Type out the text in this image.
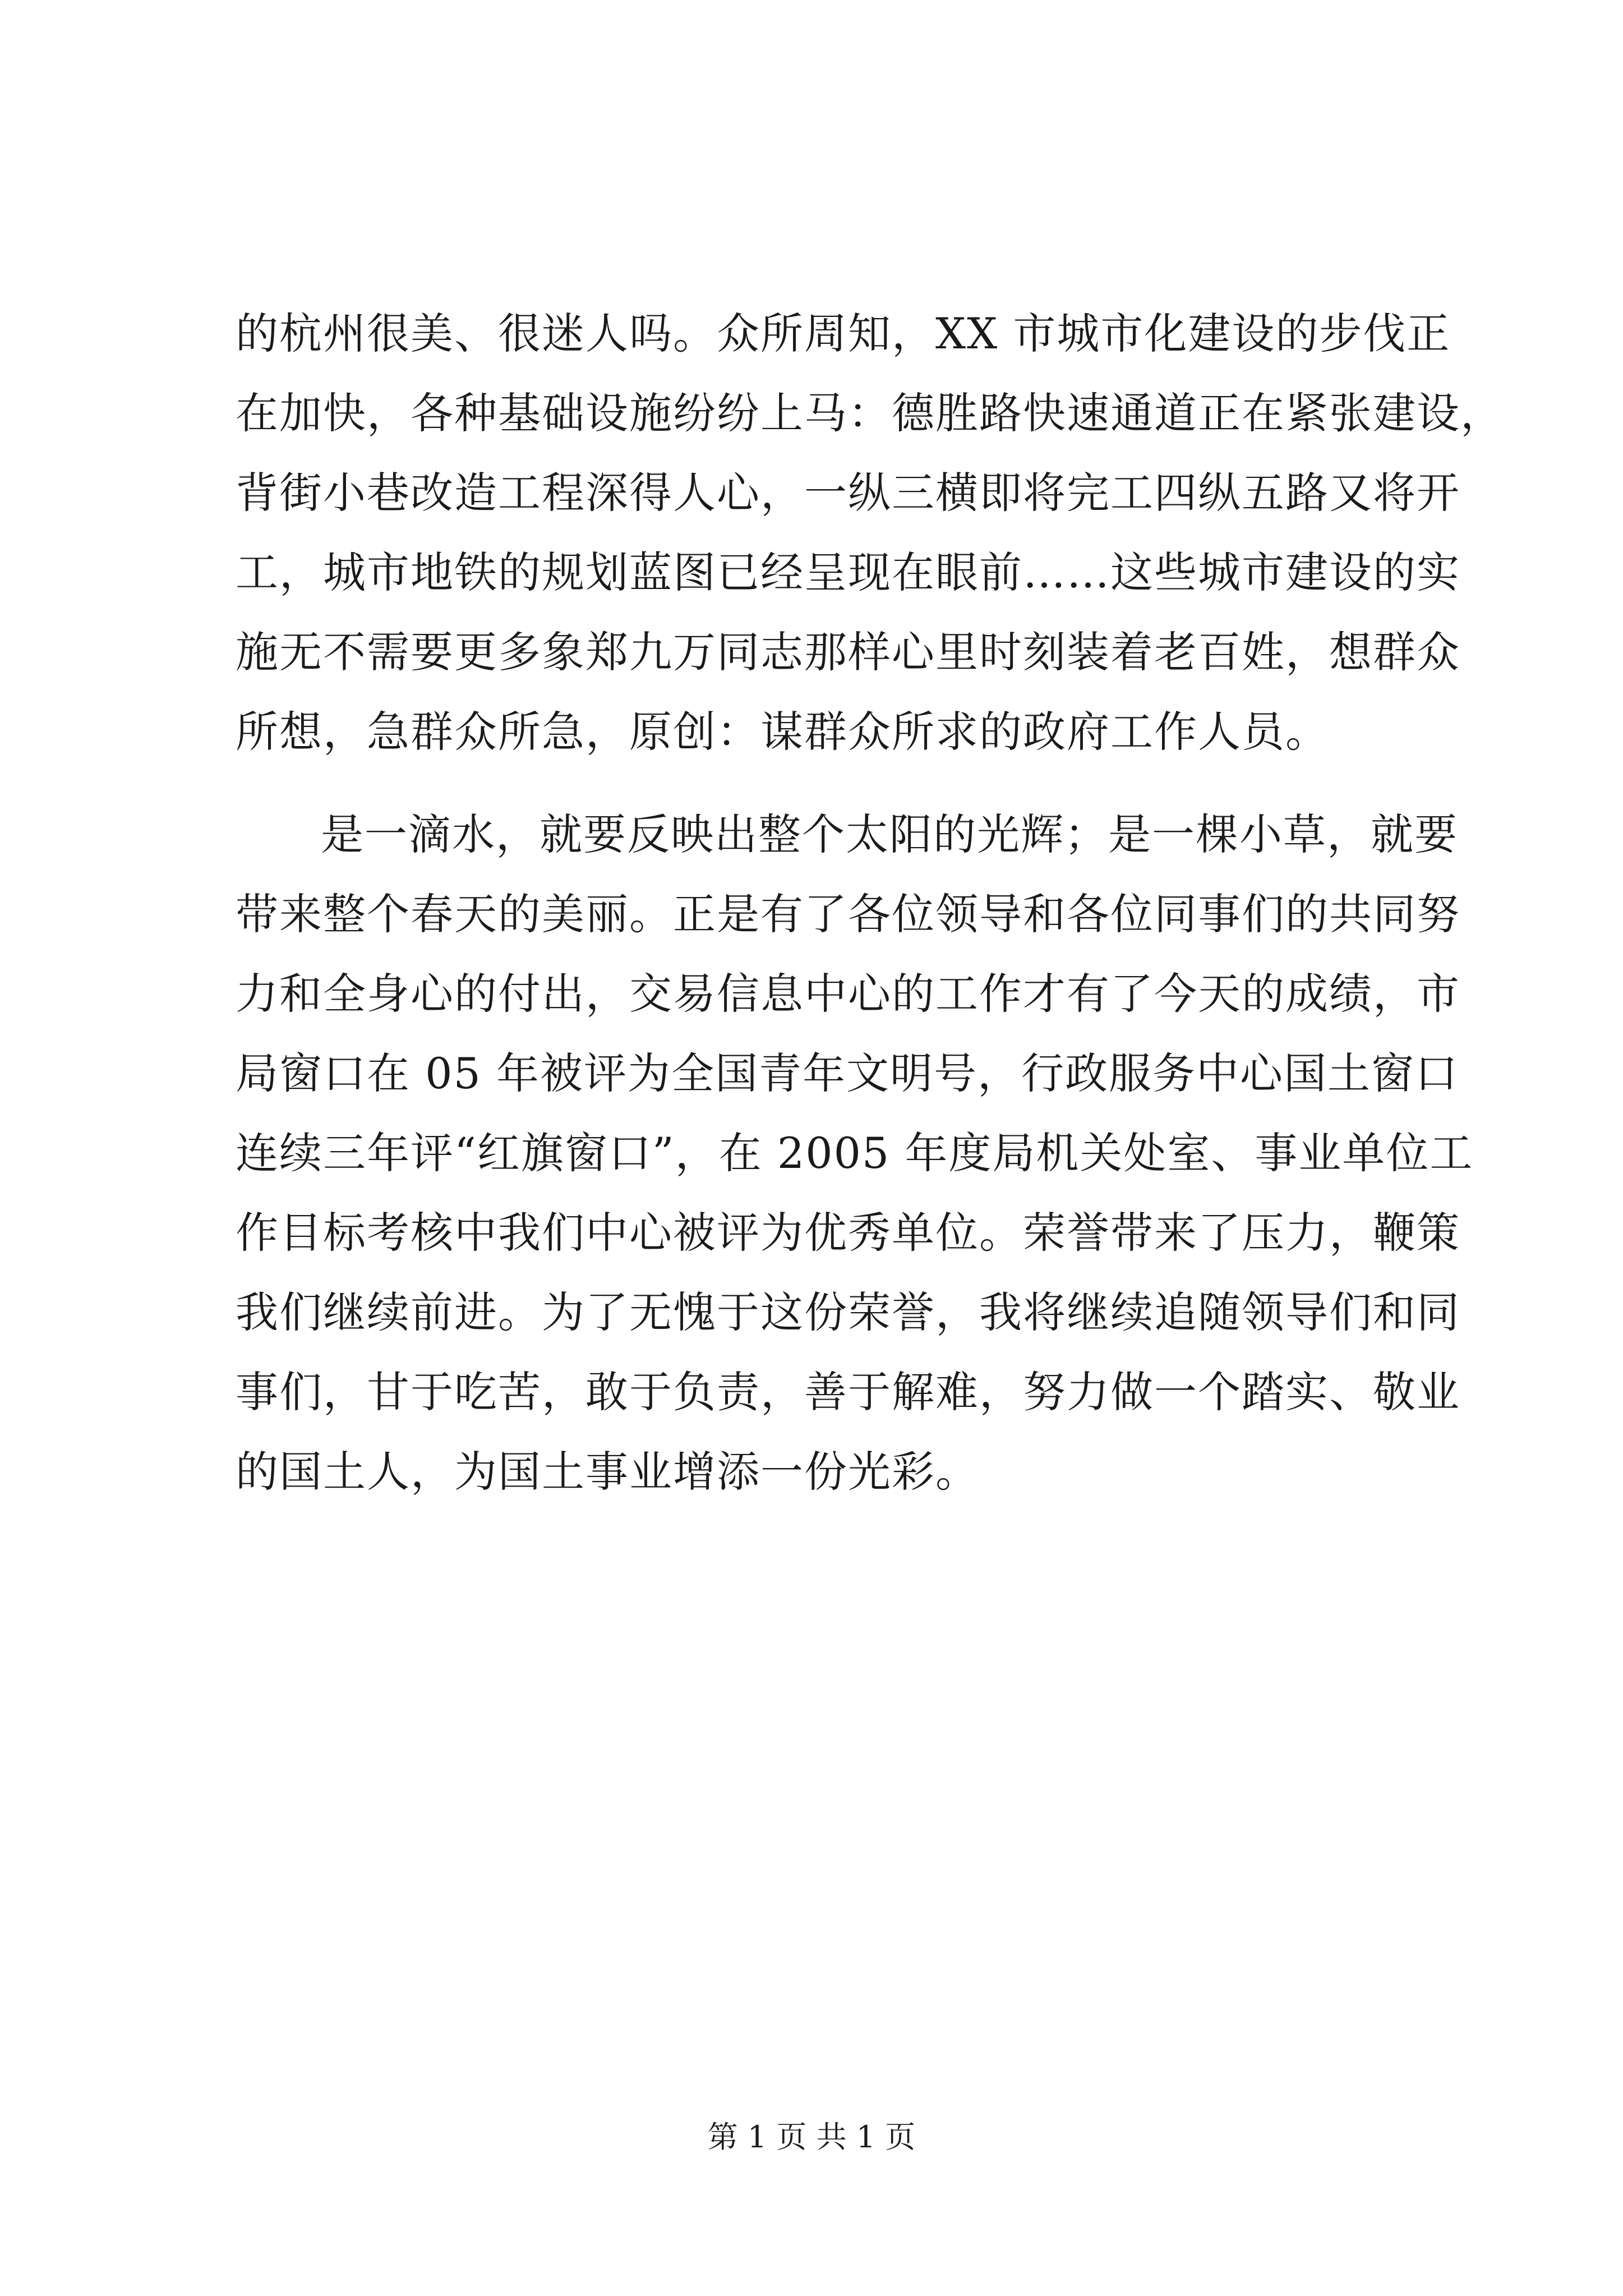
的杭州很美、很迷人吗。众所周知，XX 市城市化建设的步伐正
在加快，各种基础设施纷纷上马：德胜路快速通道正在紧张建设，
背街小巷改造工程深得人心，一纵三横即将完工四纵五路又将开
工，城市地铁的规划蓝图已经呈现在眼前……这些城市建设的实
施无不需要更多象郑九万同志那样心里时刻装着老百姓，想群众
所想，急群众所急，原创：谋群众所求的政府工作人员。
是一滴水，就要反映出整个太阳的光辉；是一棵小草，就要
带来整个春天的美丽。正是有了各位领导和各位同事们的共同努
力和全身心的付出，交易信息中心的工作才有了今天的成绩，市
局窗口在 05 年被评为全国青年文明号，行政服务中心国土窗口
连续三年评“红旗窗口”，在 2005 年度局机关处室、事业单位工
作目标考核中我们中心被评为优秀单位。荣誉带来了压力，鞭策
我们继续前进。为了无愧于这份荣誉，我将继续追随领导们和同
事们，甘于吃苦，敢于负责，善于解难，努力做一个踏实、敬业
的国土人，为国土事业增添一份光彩。
第 1 页 共 1 页
